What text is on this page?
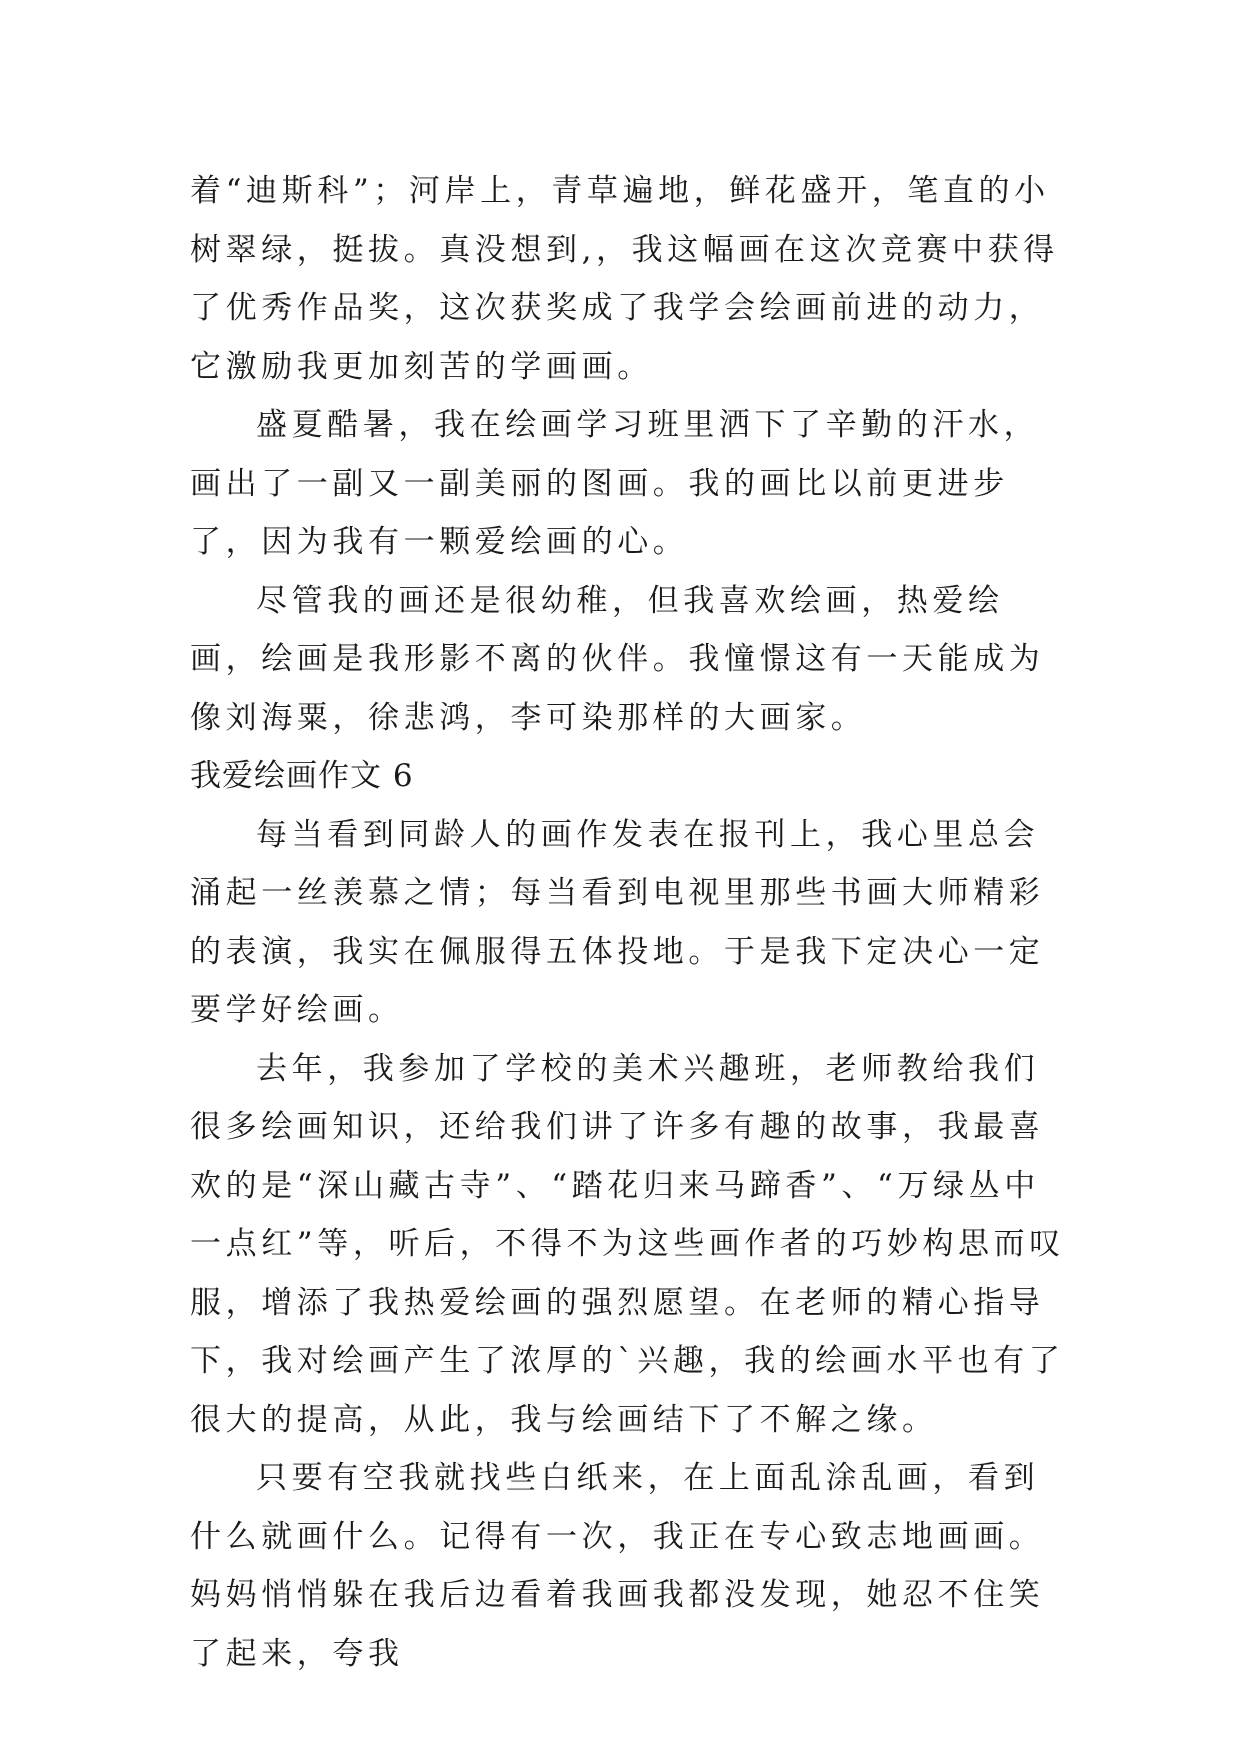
着“迪斯科”；河岸上，青草遍地，鲜花盛开，笔直的小树翠绿，挺拔。真没想到,，我这幅画在这次竞赛中获得了优秀作品奖，这次获奖成了我学会绘画前进的动力，它激励我更加刻苦的学画画。

盛夏酷暑，我在绘画学习班里洒下了辛勤的汗水，画出了一副又一副美丽的图画。我的画比以前更进步了，因为我有一颗爱绘画的心。

尽管我的画还是很幼稚，但我喜欢绘画，热爱绘画，绘画是我形影不离的伙伴。我憧憬这有一天能成为像刘海粟，徐悲鸿，李可染那样的大画家。

我爱绘画作文 6

每当看到同龄人的画作发表在报刊上，我心里总会涌起一丝羡慕之情；每当看到电视里那些书画大师精彩的表演，我实在佩服得五体投地。于是我下定决心一定要学好绘画。

去年，我参加了学校的美术兴趣班，老师教给我们很多绘画知识，还给我们讲了许多有趣的故事，我最喜欢的是“深山藏古寺”、“踏花归来马蹄香”、“万绿丛中一点红”等，听后，不得不为这些画作者的巧妙构思而叹服，增添了我热爱绘画的强烈愿望。在老师的精心指导下，我对绘画产生了浓厚的`兴趣，我的绘画水平也有了很大的提高，从此，我与绘画结下了不解之缘。

只要有空我就找些白纸来，在上面乱涂乱画，看到什么就画什么。记得有一次，我正在专心致志地画画。妈妈悄悄躲在我后边看着我画我都没发现，她忍不住笑了起来，夸我
